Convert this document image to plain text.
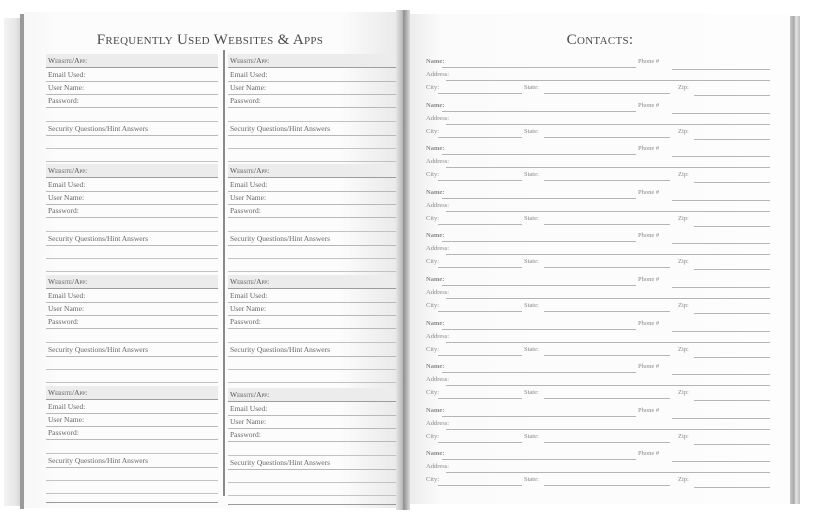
Frequently Used Websites & Apps
Website/App:
Email Used:
User Name:
Password:
Security Questions/Hint Answers
Website/App:
Email Used:
User Name:
Password:
Security Questions/Hint Answers
Website/App:
Email Used:
User Name:
Password:
Security Questions/Hint Answers
Website/App:
Email Used:
User Name:
Password:
Security Questions/Hint Answers
Website/App:
Email Used:
User Name:
Password:
Security Questions/Hint Answers
Website/App:
Email Used:
User Name:
Password:
Security Questions/Hint Answers
Website/App:
Email Used:
User Name:
Password:
Security Questions/Hint Answers
Website/App:
Email Used:
User Name:
Password:
Security Questions/Hint Answers
Contacts:
Name:	Phone #
Address:
City:	State:	Zip:
Name:	Phone #
Address:
City:	State:	Zip:
Name:	Phone #
Address:
City:	State:	Zip:
Name:	Phone #
Address:
City:	State:	Zip:
Name:	Phone #
Address:
City:	State:	Zip:
Name:	Phone #
Address:
City:	State:	Zip:
Name:	Phone #
Address:
City:	State:	Zip:
Name:	Phone #
Address:
City:	State:	Zip:
Name:	Phone #
Address:
City:	State:	Zip:
Name:	Phone #
Address:
City:	State:	Zip:
